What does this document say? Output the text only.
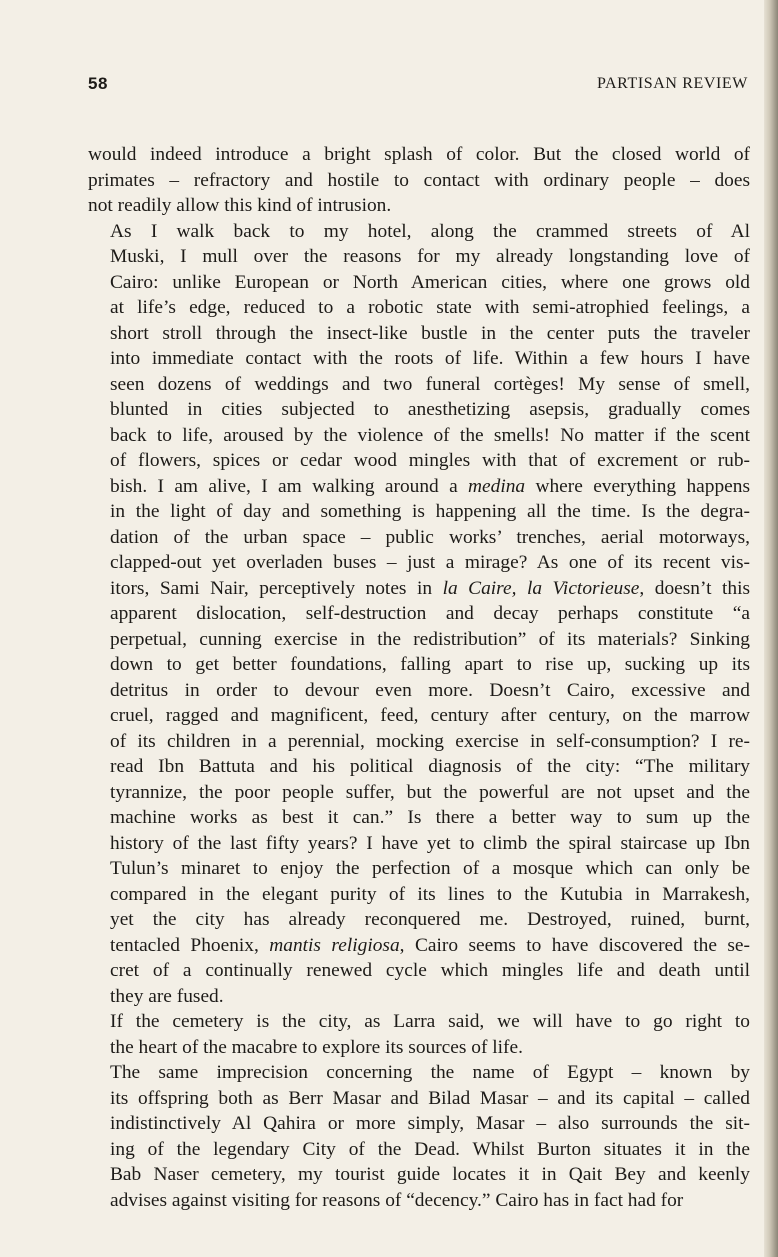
58	PARTISAN REVIEW

would indeed introduce a bright splash of color. But the closed world of
primates – refractory and hostile to contact with ordinary people – does
not readily allow this kind of intrusion.

As I walk back to my hotel, along the crammed streets of Al
Muski, I mull over the reasons for my already longstanding love of
Cairo: unlike European or North American cities, where one grows old
at life’s edge, reduced to a robotic state with semi-atrophied feelings, a
short stroll through the insect-like bustle in the center puts the traveler
into immediate contact with the roots of life. Within a few hours I have
seen dozens of weddings and two funeral cortèges! My sense of smell,
blunted in cities subjected to anesthetizing asepsis, gradually comes
back to life, aroused by the violence of the smells! No matter if the scent
of flowers, spices or cedar wood mingles with that of excrement or rub-
bish. I am alive, I am walking around a medina where everything happens
in the light of day and something is happening all the time. Is the degra-
dation of the urban space – public works’ trenches, aerial motorways,
clapped-out yet overladen buses – just a mirage? As one of its recent vis-
itors, Sami Nair, perceptively notes in la Caire, la Victorieuse, doesn’t this
apparent dislocation, self-destruction and decay perhaps constitute “a
perpetual, cunning exercise in the redistribution” of its materials? Sinking
down to get better foundations, falling apart to rise up, sucking up its
detritus in order to devour even more. Doesn’t Cairo, excessive and
cruel, ragged and magnificent, feed, century after century, on the marrow
of its children in a perennial, mocking exercise in self-consumption? I re-
read Ibn Battuta and his political diagnosis of the city: “The military
tyrannize, the poor people suffer, but the powerful are not upset and the
machine works as best it can.” Is there a better way to sum up the
history of the last fifty years? I have yet to climb the spiral staircase up Ibn
Tulun’s minaret to enjoy the perfection of a mosque which can only be
compared in the elegant purity of its lines to the Kutubia in Marrakesh,
yet the city has already reconquered me. Destroyed, ruined, burnt,
tentacled Phoenix, mantis religiosa, Cairo seems to have discovered the se-
cret of a continually renewed cycle which mingles life and death until
they are fused.

If the cemetery is the city, as Larra said, we will have to go right to
the heart of the macabre to explore its sources of life.

The same imprecision concerning the name of Egypt – known by
its offspring both as Berr Masar and Bilad Masar – and its capital – called
indistinctively Al Qahira or more simply, Masar – also surrounds the sit-
ing of the legendary City of the Dead. Whilst Burton situates it in the
Bab Naser cemetery, my tourist guide locates it in Qait Bey and keenly
advises against visiting for reasons of “decency.” Cairo has in fact had for
